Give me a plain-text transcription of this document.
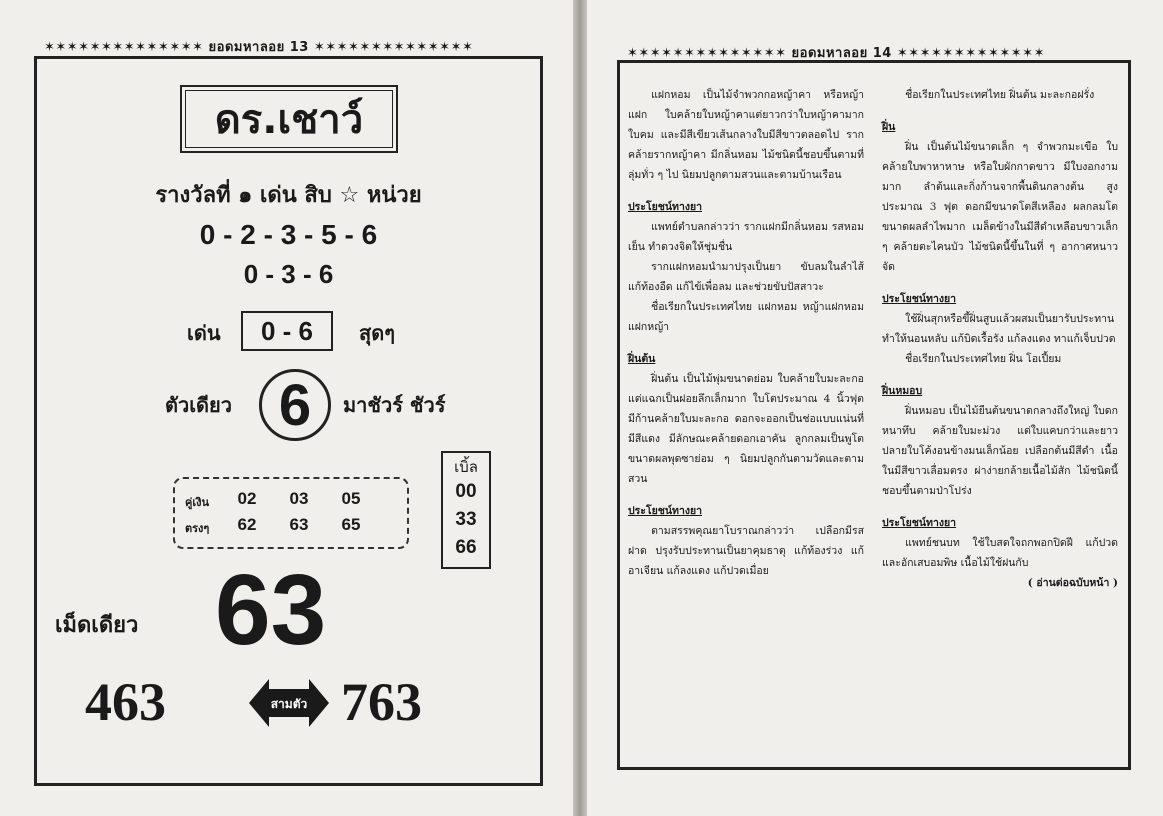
✶✶✶✶✶✶✶✶✶✶✶✶✶✶ ยอดมหาลอย 13 ✶✶✶✶✶✶✶✶✶✶✶✶✶✶
ดร.เชาว์
รางวัลที่ ๑ เด่น สิบ ☆ หน่วย
0 - 2 - 3 - 5 - 6
0 - 3 - 6
เด่น	0 - 6	สุดๆ
ตัวเดียว 6	มาชัวร์ ชัวร์
คู่เงิน	02	03	05
ตรงๆ	62	63	65
เบิ้ล
00
33
66
เม็ดเดียว 63
463	สามตัว 763
✶✶✶✶✶✶✶✶✶✶✶✶✶✶ ยอดมหาลอย 14 ✶✶✶✶✶✶✶✶✶✶✶✶✶

แฝกหอม เป็นไม้จำพวกกอหญ้าคา หรือหญ้าแฝก ใบคล้ายใบหญ้าคาแต่ยาวกว่าใบหญ้าคามาก ใบคม และมีสีเขียวเส้นกลางใบมีสีขาวตลอดไป รากคล้ายรากหญ้าคา มีกลิ่นหอม ไม้ชนิดนี้ชอบขึ้นตามที่ลุ่มทั่ว ๆ ไป นิยมปลูกตามสวนและตามบ้านเรือน

ประโยชน์ทางยา

แพทย์ตำบลกล่าวว่า รากแฝกมีกลิ่นหอม รสหอมเย็น ทำดวงจิตให้ชุ่มชื่น

รากแฝกหอมนำมาปรุงเป็นยา ขับลมในลำไส้ แก้ท้องอืด แก้ไข้เพื่อลม และช่วยขับปัสสาวะ

ชื่อเรียกในประเทศไทย แฝกหอม หญ้าแฝกหอม แฝกหญ้า

ฝิ่นต้น

ฝิ่นต้น เป็นไม้พุ่มขนาดย่อม ใบคล้ายใบมะละกอ แต่แฉกเป็นฝอยลึกเล็กมาก ใบโตประมาณ 4 นิ้วฟุต มีก้านคล้ายใบมะละกอ ดอกจะออกเป็นช่อแบบแน่นที่มีสีแดง มีลักษณะคล้ายดอกเอาคัน ลูกกลมเป็นพูโตขนาดผลพุดซาย่อม ๆ นิยมปลูกกันตามวัดและตามสวน

ประโยชน์ทางยา

ตามสรรพคุณยาโบราณกล่าวว่า เปลือกมีรสฝาด ปรุงรับประทานเป็นยาคุมธาตุ แก้ท้องร่วง แก้อาเจียน แก้ลงแดง แก้ปวดเมื่อย

ชื่อเรียกในประเทศไทย ฝิ่นต้น มะละกอฝรั่ง

ฝิ่น

ฝิ่น เป็นต้นไม้ขนาดเล็ก ๆ จำพวกมะเขือ ใบคล้ายใบพาหาหาษ หรือใบผักกาดขาว มีใบงอกงามมาก ลำต้นและกิ่งก้านจากพื้นดินกลางต้น สูงประมาณ 3 ฟุต ดอกมีขนาดโตสีเหลือง ผลกลมโตขนาดผลลำไพมาก เมล็ดข้างในมีสีดำเหลือบขาวเล็ก ๆ คล้ายตะไคนบัว ไม้ชนิดนี้ขึ้นในที่ ๆ อากาศหนาวจัด

ประโยชน์ทางยา

ใช้ฝิ่นสุกหรือขี้ฝิ่นสูบแล้วผสมเป็นยารับประทาน ทำให้นอนหลับ แก้บิดเรื้อรัง แก้ลงแดง ทาแก้เจ็บปวด

ชื่อเรียกในประเทศไทย ฝิ่น โอเปี้ยม

ฝิ่นหมอบ

ฝิ่นหมอบ เป็นไม้ยืนต้นขนาดกลางถึงใหญ่ ใบดกหนาทึบ คล้ายใบมะม่วง แต่ใบแคบกว่าและยาว ปลายใบโค้งอนข้างมนเล็กน้อย เปลือกต้นมีสีดำ เนื้อในมีสีขาวเลื่อมตรง ผ่าง่ายกล้ายเนื้อไม้สัก ไม้ชนิดนี้ชอบขึ้นตามป่าโปร่ง

ประโยชน์ทางยา

แพทย์ชนบท ใช้ใบสดใจถกพอกปิดฝี แก้ปวดและอักเสบอมพิษ เนื้อไม้ใช้ฝนกับ

( อ่านต่อฉบับหน้า )
